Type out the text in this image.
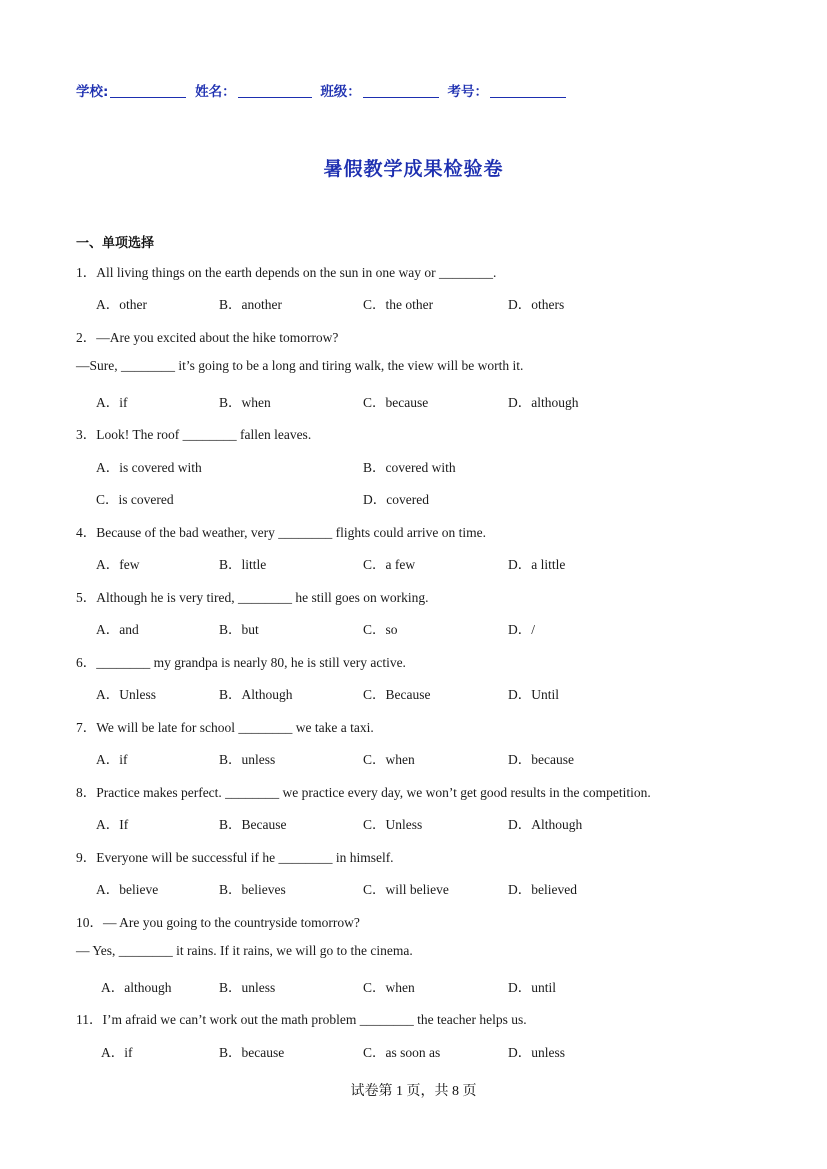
学校:	姓名：	班级：	考号：
暑假教学成果检验卷
一、单项选择
1．All living things on the earth depends on the sun in one way or ________.
A．other	B．another	C．the other	D．others
2．—Are you excited about the hike tomorrow?
—Sure, ________ it’s going to be a long and tiring walk, the view will be worth it.
A．if	B．when	C．because	D．although
3．Look! The roof ________ fallen leaves.
A．is covered with	B．covered with
C．is covered	D．covered
4．Because of the bad weather, very ________ flights could arrive on time.
A．few	B．little	C．a few	D．a little
5．Although he is very tired, ________ he still goes on working.
A．and	B．but	C．so	D．/
6．________ my grandpa is nearly 80, he is still very active.
A．Unless	B．Although	C．Because	D．Until
7．We will be late for school ________ we take a taxi.
A．if	B．unless	C．when	D．because
8．Practice makes perfect. ________ we practice every day, we won’t get good results in the competition.
A．If	B．Because	C．Unless	D．Although
9．Everyone will be successful if he ________ in himself.
A．believe	B．believes	C．will believe	D．believed
10．— Are you going to the countryside tomorrow?
— Yes, ________ it rains. If it rains, we will go to the cinema.
A．although	B．unless	C．when	D．until
11．I’m afraid we can’t work out the math problem ________ the teacher helps us.
A．if	B．because	C．as soon as	D．unless
试卷第 1 页，共 8 页
